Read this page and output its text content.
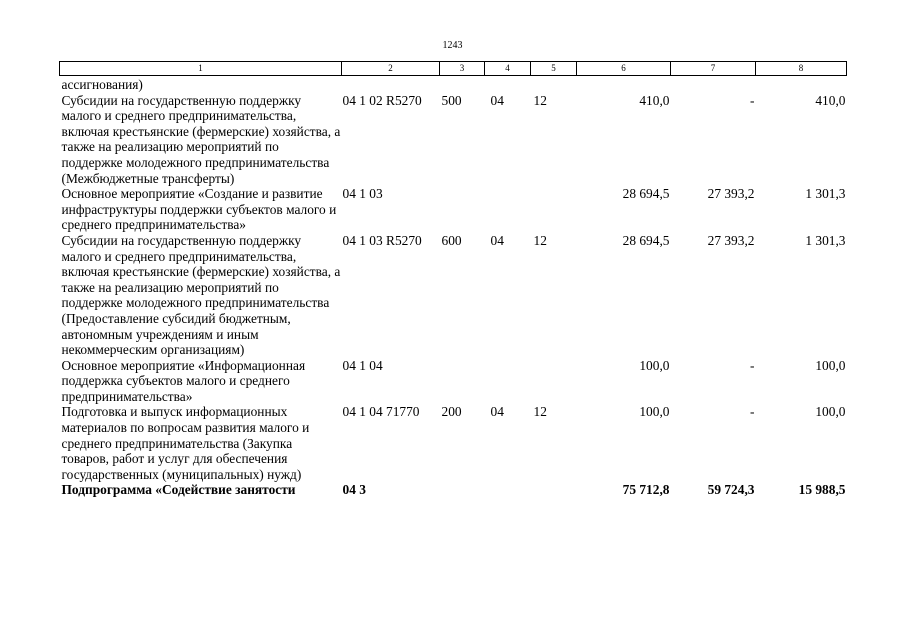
1243
1	2	3	4	5	6	7	8
ассигнования)							
Субсидии на государственную поддержку малого и среднего предпринимательства, включая крестьянские (фермерские) хозяйства, а также на реализацию мероприятий по поддержке молодежного предпринимательства (Межбюджетные трансферты)	04 1 02 R5270	500	04	12	410,0	-	410,0
Основное мероприятие «Создание и развитие инфраструктуры поддержки субъектов малого и среднего предпринимательства»	04 1 03				28 694,5	27 393,2	1 301,3
Субсидии на государственную поддержку малого и среднего предпринимательства, включая крестьянские (фермерские) хозяйства, а также на реализацию мероприятий по поддержке молодежного предпринимательства (Предоставление субсидий бюджетным, автономным учреждениям и иным некоммерческим организациям)	04 1 03 R5270	600	04	12	28 694,5	27 393,2	1 301,3
Основное мероприятие «Информационная поддержка субъектов малого и среднего предпринимательства»	04 1 04				100,0	-	100,0
Подготовка и выпуск информационных материалов по вопросам развития малого и среднего предпринимательства (Закупка товаров, работ и услуг для обеспечения государственных (муниципальных) нужд)	04 1 04 71770	200	04	12	100,0	-	100,0
Подпрограмма «Содействие занятости	04 3				75 712,8	59 724,3	15 988,5
